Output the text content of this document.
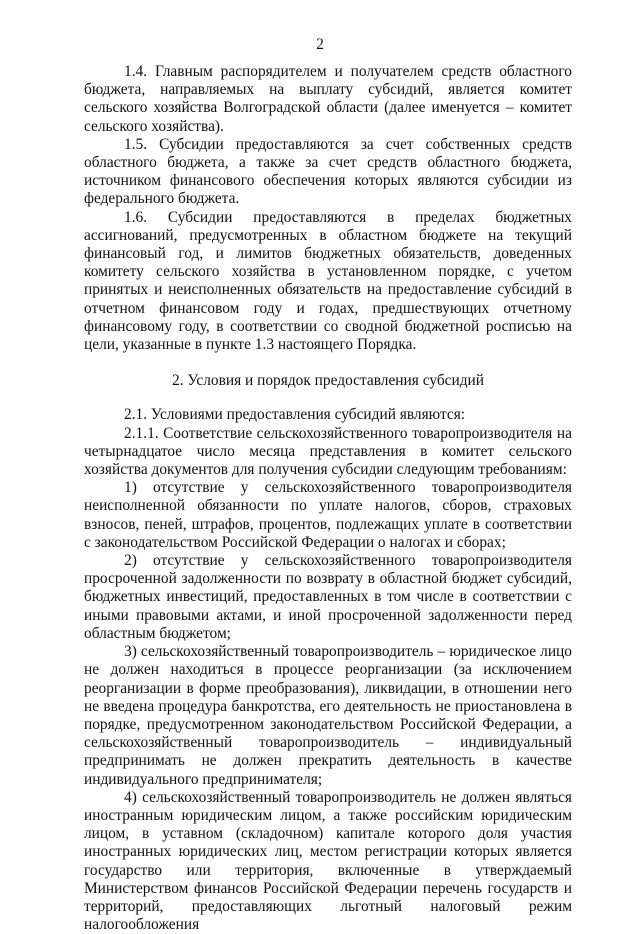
2

1.4. Главным распорядителем и получателем средств областного бюджета, направляемых на выплату субсидий, является комитет сельского хозяйства Волгоградской области (далее именуется – комитет сельского хозяйства).

1.5. Субсидии предоставляются за счет собственных средств областного бюджета, а также за счет средств областного бюджета, источником финансового обеспечения которых являются субсидии из федерального бюджета.

1.6. Субсидии предоставляются в пределах бюджетных ассигнований, предусмотренных в областном бюджете на текущий финансовый год, и лимитов бюджетных обязательств, доведенных комитету сельского хозяйства в установленном порядке, с учетом принятых и неисполненных обязательств на предоставление субсидий в отчетном финансовом году и годах, предшествующих отчетному финансовому году, в соответствии со сводной бюджетной росписью на цели, указанные в пункте 1.3 настоящего Порядка.

2. Условия и порядок предоставления субсидий

2.1. Условиями предоставления субсидий являются:

2.1.1. Соответствие сельскохозяйственного товаропроизводителя на четырнадцатое число месяца представления в комитет сельского хозяйства документов для получения субсидии следующим требованиям:

1) отсутствие у сельскохозяйственного товаропроизводителя неисполненной обязанности по уплате налогов, сборов, страховых взносов, пеней, штрафов, процентов, подлежащих уплате в соответствии с законодательством Российской Федерации о налогах и сборах;

2) отсутствие у сельскохозяйственного товаропроизводителя просроченной задолженности по возврату в областной бюджет субсидий, бюджетных инвестиций, предоставленных в том числе в соответствии с иными правовыми актами, и иной просроченной задолженности перед областным бюджетом;

3) сельскохозяйственный товаропроизводитель – юридическое лицо не должен находиться в процессе реорганизации (за исключением реорганизации в форме преобразования), ликвидации, в отношении него не введена процедура банкротства, его деятельность не приостановлена в порядке, предусмотренном законодательством Российской Федерации, а сельскохозяйственный товаропроизводитель – индивидуальный предпринимать не должен прекратить деятельность в качестве индивидуального предпринимателя;

4) сельскохозяйственный товаропроизводитель не должен являться иностранным юридическим лицом, а также российским юридическим лицом, в уставном (складочном) капитале которого доля участия иностранных юридических лиц, местом регистрации которых является государство или территория, включенные в утверждаемый Министерством финансов Российской Федерации перечень государств и территорий, предоставляющих льготный налоговый режим налогообложения
